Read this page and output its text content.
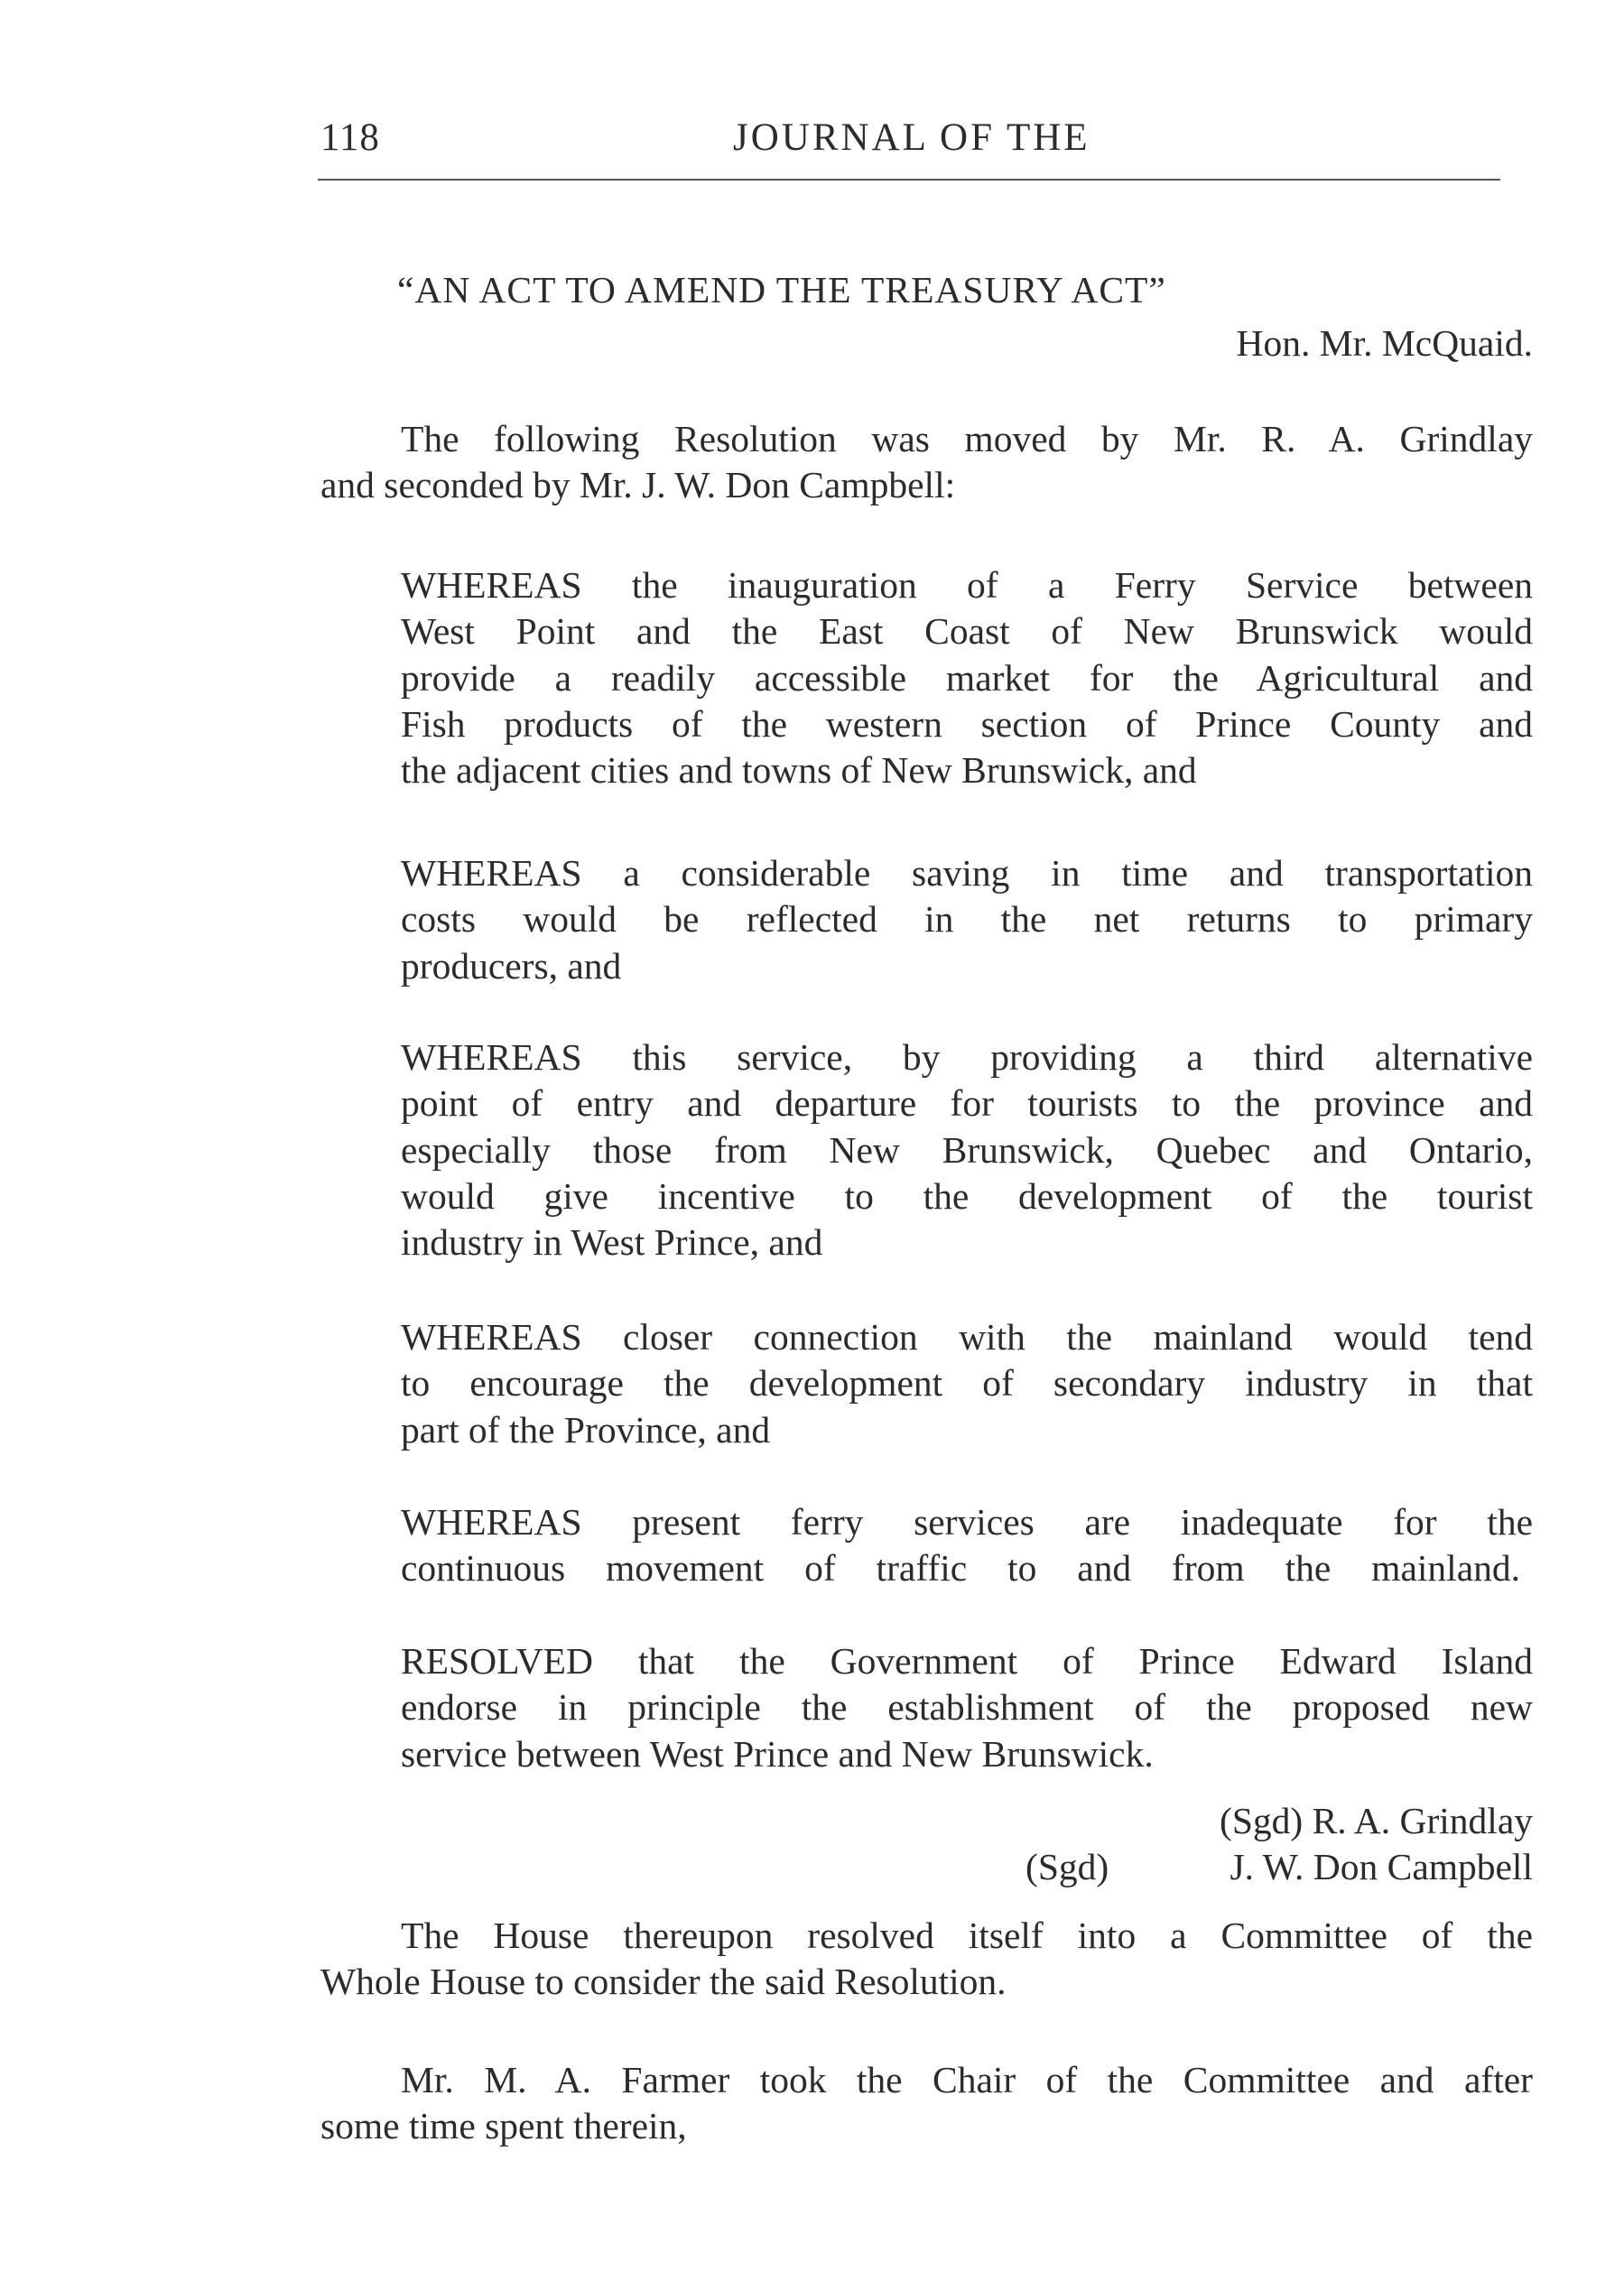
118	JOURNAL OF THE

“AN ACT TO AMEND THE TREASURY ACT”

Hon. Mr. McQuaid.

The following Resolution was moved by Mr. R. A. Grindlay

and seconded by Mr. J. W. Don Campbell:

WHEREAS the inauguration of a Ferry Service between

West Point and the East Coast of New Brunswick would

provide a readily accessible market for the Agricultural and

Fish products of the western section of Prince County and

the adjacent cities and towns of New Brunswick, and

WHEREAS a considerable saving in time and transportation

costs would be reflected in the net returns to primary

producers, and

WHEREAS this service, by providing a third alternative

point of entry and departure for tourists to the province and

especially those from New Brunswick, Quebec and Ontario,

would give incentive to the development of the tourist

industry in West Prince, and

WHEREAS closer connection with the mainland would tend

to encourage the development of secondary industry in that

part of the Province, and

WHEREAS present ferry services are inadequate for the

continuous movement of traffic to and from the mainland.

RESOLVED that the Government of Prince Edward Island

endorse in principle the establishment of the proposed new

service between West Prince and New Brunswick.

(Sgd) R. A. Grindlay

(Sgd)	J. W. Don Campbell

The House thereupon resolved itself into a Committee of the

Whole House to consider the said Resolution.

Mr. M. A. Farmer took the Chair of the Committee and after

some time spent therein,
